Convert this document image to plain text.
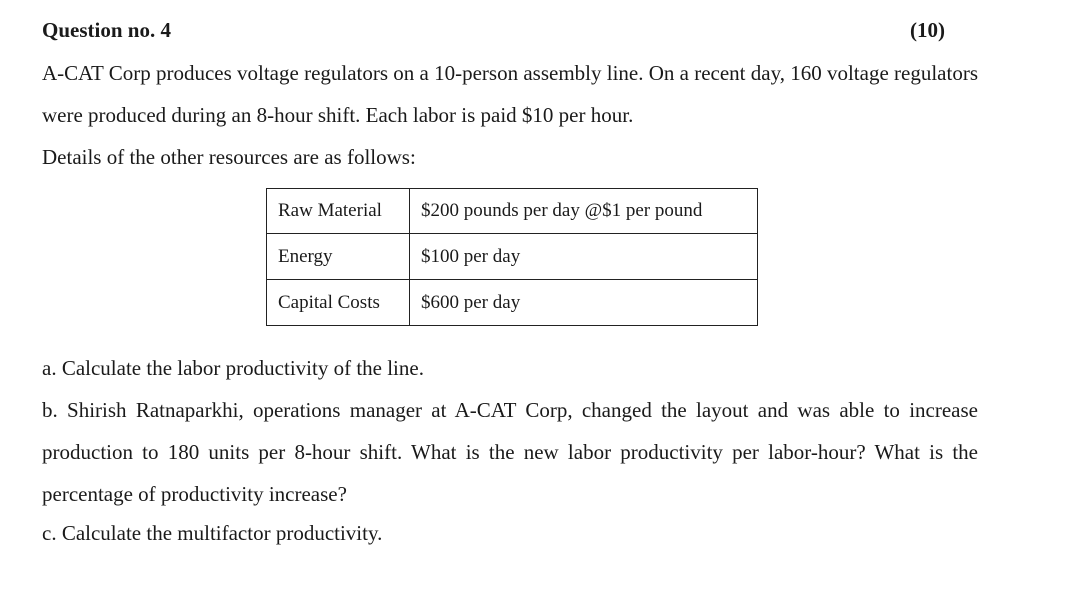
Question no. 4	(10)
A-CAT Corp produces voltage regulators on a 10-person assembly line. On a recent day, 160 voltage regulators were produced during an 8-hour shift. Each labor is paid $10 per hour.
Details of the other resources are as follows:
Raw Material	$200 pounds per day @$1 per pound
Energy	$100 per day
Capital Costs	$600 per day
a. Calculate the labor productivity of the line.
b. Shirish Ratnaparkhi, operations manager at A-CAT Corp, changed the layout and was able to increase production to 180 units per 8-hour shift. What is the new labor productivity per labor-hour? What is the percentage of productivity increase?
c. Calculate the multifactor productivity.
